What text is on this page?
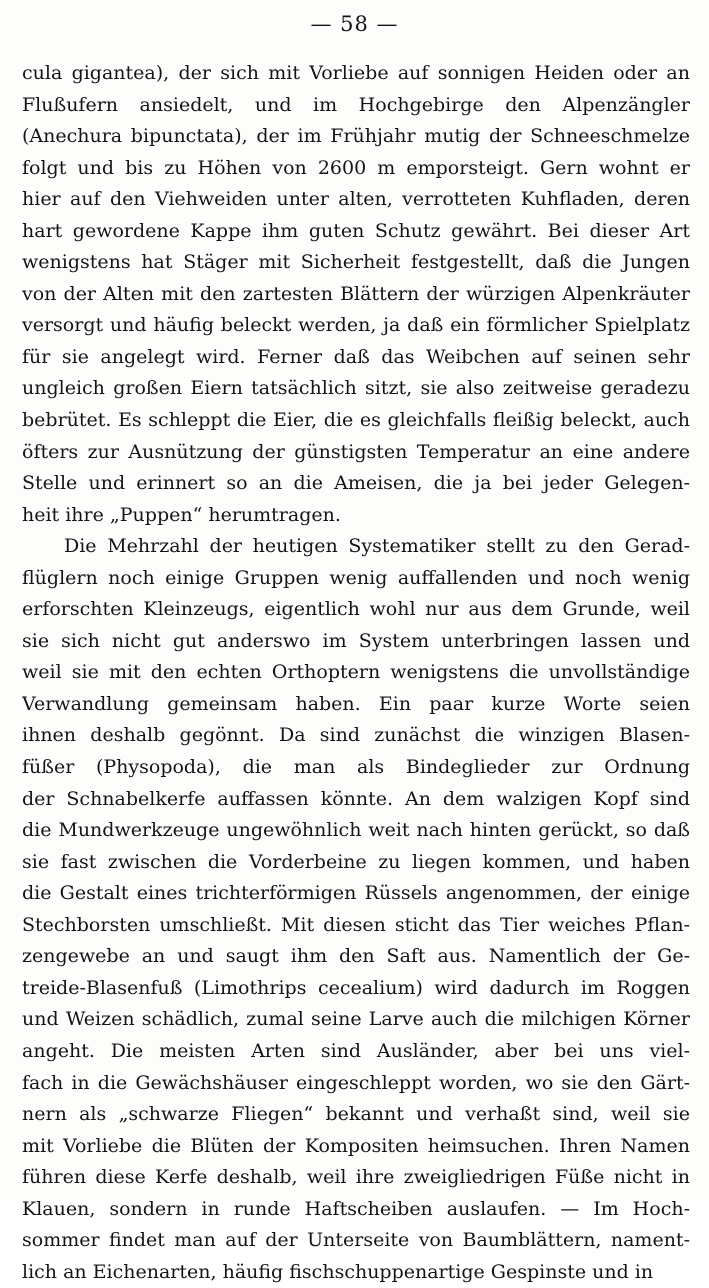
— 58 —
cula gigantea), der sich mit Vorliebe auf sonnigen Heiden oder an
Flußufern ansiedelt, und im Hochgebirge den Alpenzängler
(Anechura bipunctata), der im Frühjahr mutig der Schneeschmelze
folgt und bis zu Höhen von 2600 m emporsteigt. Gern wohnt er
hier auf den Viehweiden unter alten, verrotteten Kuhfladen, deren
hart gewordene Kappe ihm guten Schutz gewährt. Bei dieser Art
wenigstens hat Stäger mit Sicherheit festgestellt, daß die Jungen
von der Alten mit den zartesten Blättern der würzigen Alpenkräuter
versorgt und häufig beleckt werden, ja daß ein förmlicher Spielplatz
für sie angelegt wird. Ferner daß das Weibchen auf seinen sehr
ungleich großen Eiern tatsächlich sitzt, sie also zeitweise geradezu
bebrütet. Es schleppt die Eier, die es gleichfalls fleißig beleckt, auch
öfters zur Ausnützung der günstigsten Temperatur an eine andere
Stelle und erinnert so an die Ameisen, die ja bei jeder Gelegen-
heit ihre „Puppen“ herumtragen.
Die Mehrzahl der heutigen Systematiker stellt zu den Gerad-
flüglern noch einige Gruppen wenig auffallenden und noch wenig
erforschten Kleinzeugs, eigentlich wohl nur aus dem Grunde, weil
sie sich nicht gut anderswo im System unterbringen lassen und
weil sie mit den echten Orthoptern wenigstens die unvollständige
Verwandlung gemeinsam haben. Ein paar kurze Worte seien
ihnen deshalb gegönnt. Da sind zunächst die winzigen Blasen-
füßer (Physopoda), die man als Bindeglieder zur Ordnung
der Schnabelkerfe auffassen könnte. An dem walzigen Kopf sind
die Mundwerkzeuge ungewöhnlich weit nach hinten gerückt, so daß
sie fast zwischen die Vorderbeine zu liegen kommen, und haben
die Gestalt eines trichterförmigen Rüssels angenommen, der einige
Stechborsten umschließt. Mit diesen sticht das Tier weiches Pflan-
zengewebe an und saugt ihm den Saft aus. Namentlich der Ge-
treide-Blasenfuß (Limothrips cecealium) wird dadurch im Roggen
und Weizen schädlich, zumal seine Larve auch die milchigen Körner
angeht. Die meisten Arten sind Ausländer, aber bei uns viel-
fach in die Gewächshäuser eingeschleppt worden, wo sie den Gärt-
nern als „schwarze Fliegen“ bekannt und verhaßt sind, weil sie
mit Vorliebe die Blüten der Kompositen heimsuchen. Ihren Namen
führen diese Kerfe deshalb, weil ihre zweigliedrigen Füße nicht in
Klauen, sondern in runde Haftscheiben auslaufen. — Im Hoch-
sommer findet man auf der Unterseite von Baumblättern, nament-
lich an Eichenarten, häufig fischschuppenartige Gespinste und in
